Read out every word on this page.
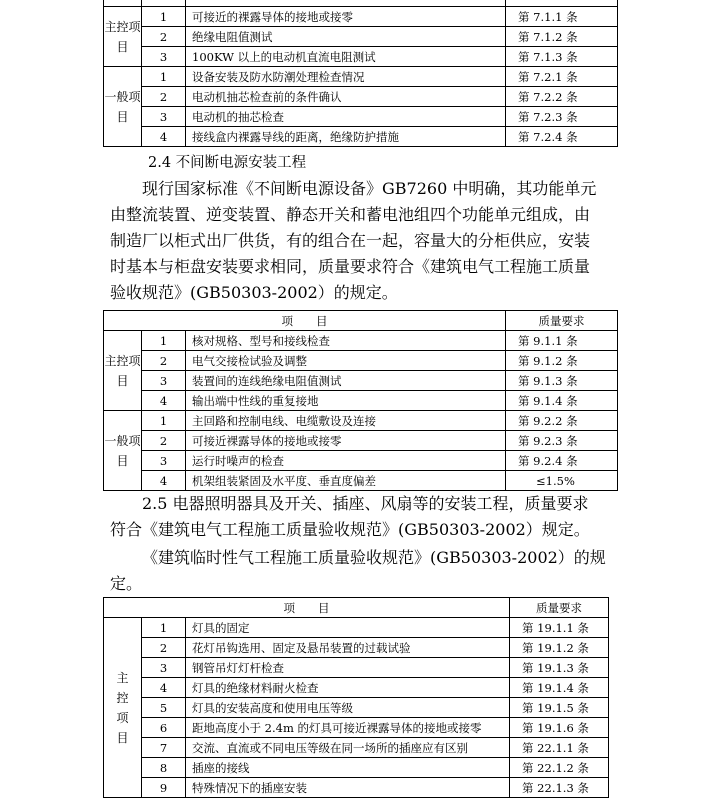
主控项目	1	可接近的裸露导体的接地或接零	第 7.1.1 条
	2	绝缘电阻值测试	第 7.1.2 条
	3	100KW 以上的电动机直流电阻测试	第 7.1.3 条
一般项目	1	设备安装及防水防潮处理检查情况	第 7.2.1 条
	2	电动机抽芯检查前的条件确认	第 7.2.2 条
	3	电动机的抽芯检查	第 7.2.3 条
	4	接线盒内裸露导线的距离，绝缘防护措施	第 7.2.4 条
2.4 不间断电源安装工程
现行国家标准《不间断电源设备》GB7260 中明确，其功能单元
由整流装置、逆变装置、静态开关和蓄电池组四个功能单元组成，由
制造厂以柜式出厂供货，有的组合在一起，容量大的分柜供应，安装
时基本与柜盘安装要求相同，质量要求符合《建筑电气工程施工质量
验收规范》(GB50303-2002）的规定。
项　　目			质量要求
主控项目	1	核对规格、型号和接线检查	第 9.1.1 条
	2	电气交接检试验及调整	第 9.1.2 条
	3	装置间的连线绝缘电阻值测试	第 9.1.3 条
	4	输出端中性线的重复接地	第 9.1.4 条
一般项目	1	主回路和控制电线、电缆敷设及连接	第 9.2.2 条
	2	可接近裸露导体的接地或接零	第 9.2.3 条
	3	运行时噪声的检查	第 9.2.4 条
	4	机架组装紧固及水平度、垂直度偏差	≤1.5%
2.5 电器照明器具及开关、插座、风扇等的安装工程，质量要求
符合《建筑电气工程施工质量验收规范》(GB50303-2002）规定。
《建筑临时性气工程施工质量验收规范》(GB50303-2002）的规
定。
项　　目			质量要求
主控项目	1	灯具的固定	第 19.1.1 条
	2	花灯吊钩选用、固定及悬吊装置的过载试验	第 19.1.2 条
	3	钢管吊灯灯杆检查	第 19.1.3 条
	4	灯具的绝缘材料耐火检查	第 19.1.4 条
	5	灯具的安装高度和使用电压等级	第 19.1.5 条
	6	距地高度小于 2.4m 的灯具可接近裸露导体的接地或接零	第 19.1.6 条
	7	交流、直流或不同电压等级在同一场所的插座应有区别	第 22.1.1 条
	8	插座的接线	第 22.1.2 条
	9	特殊情况下的插座安装	第 22.1.3 条
